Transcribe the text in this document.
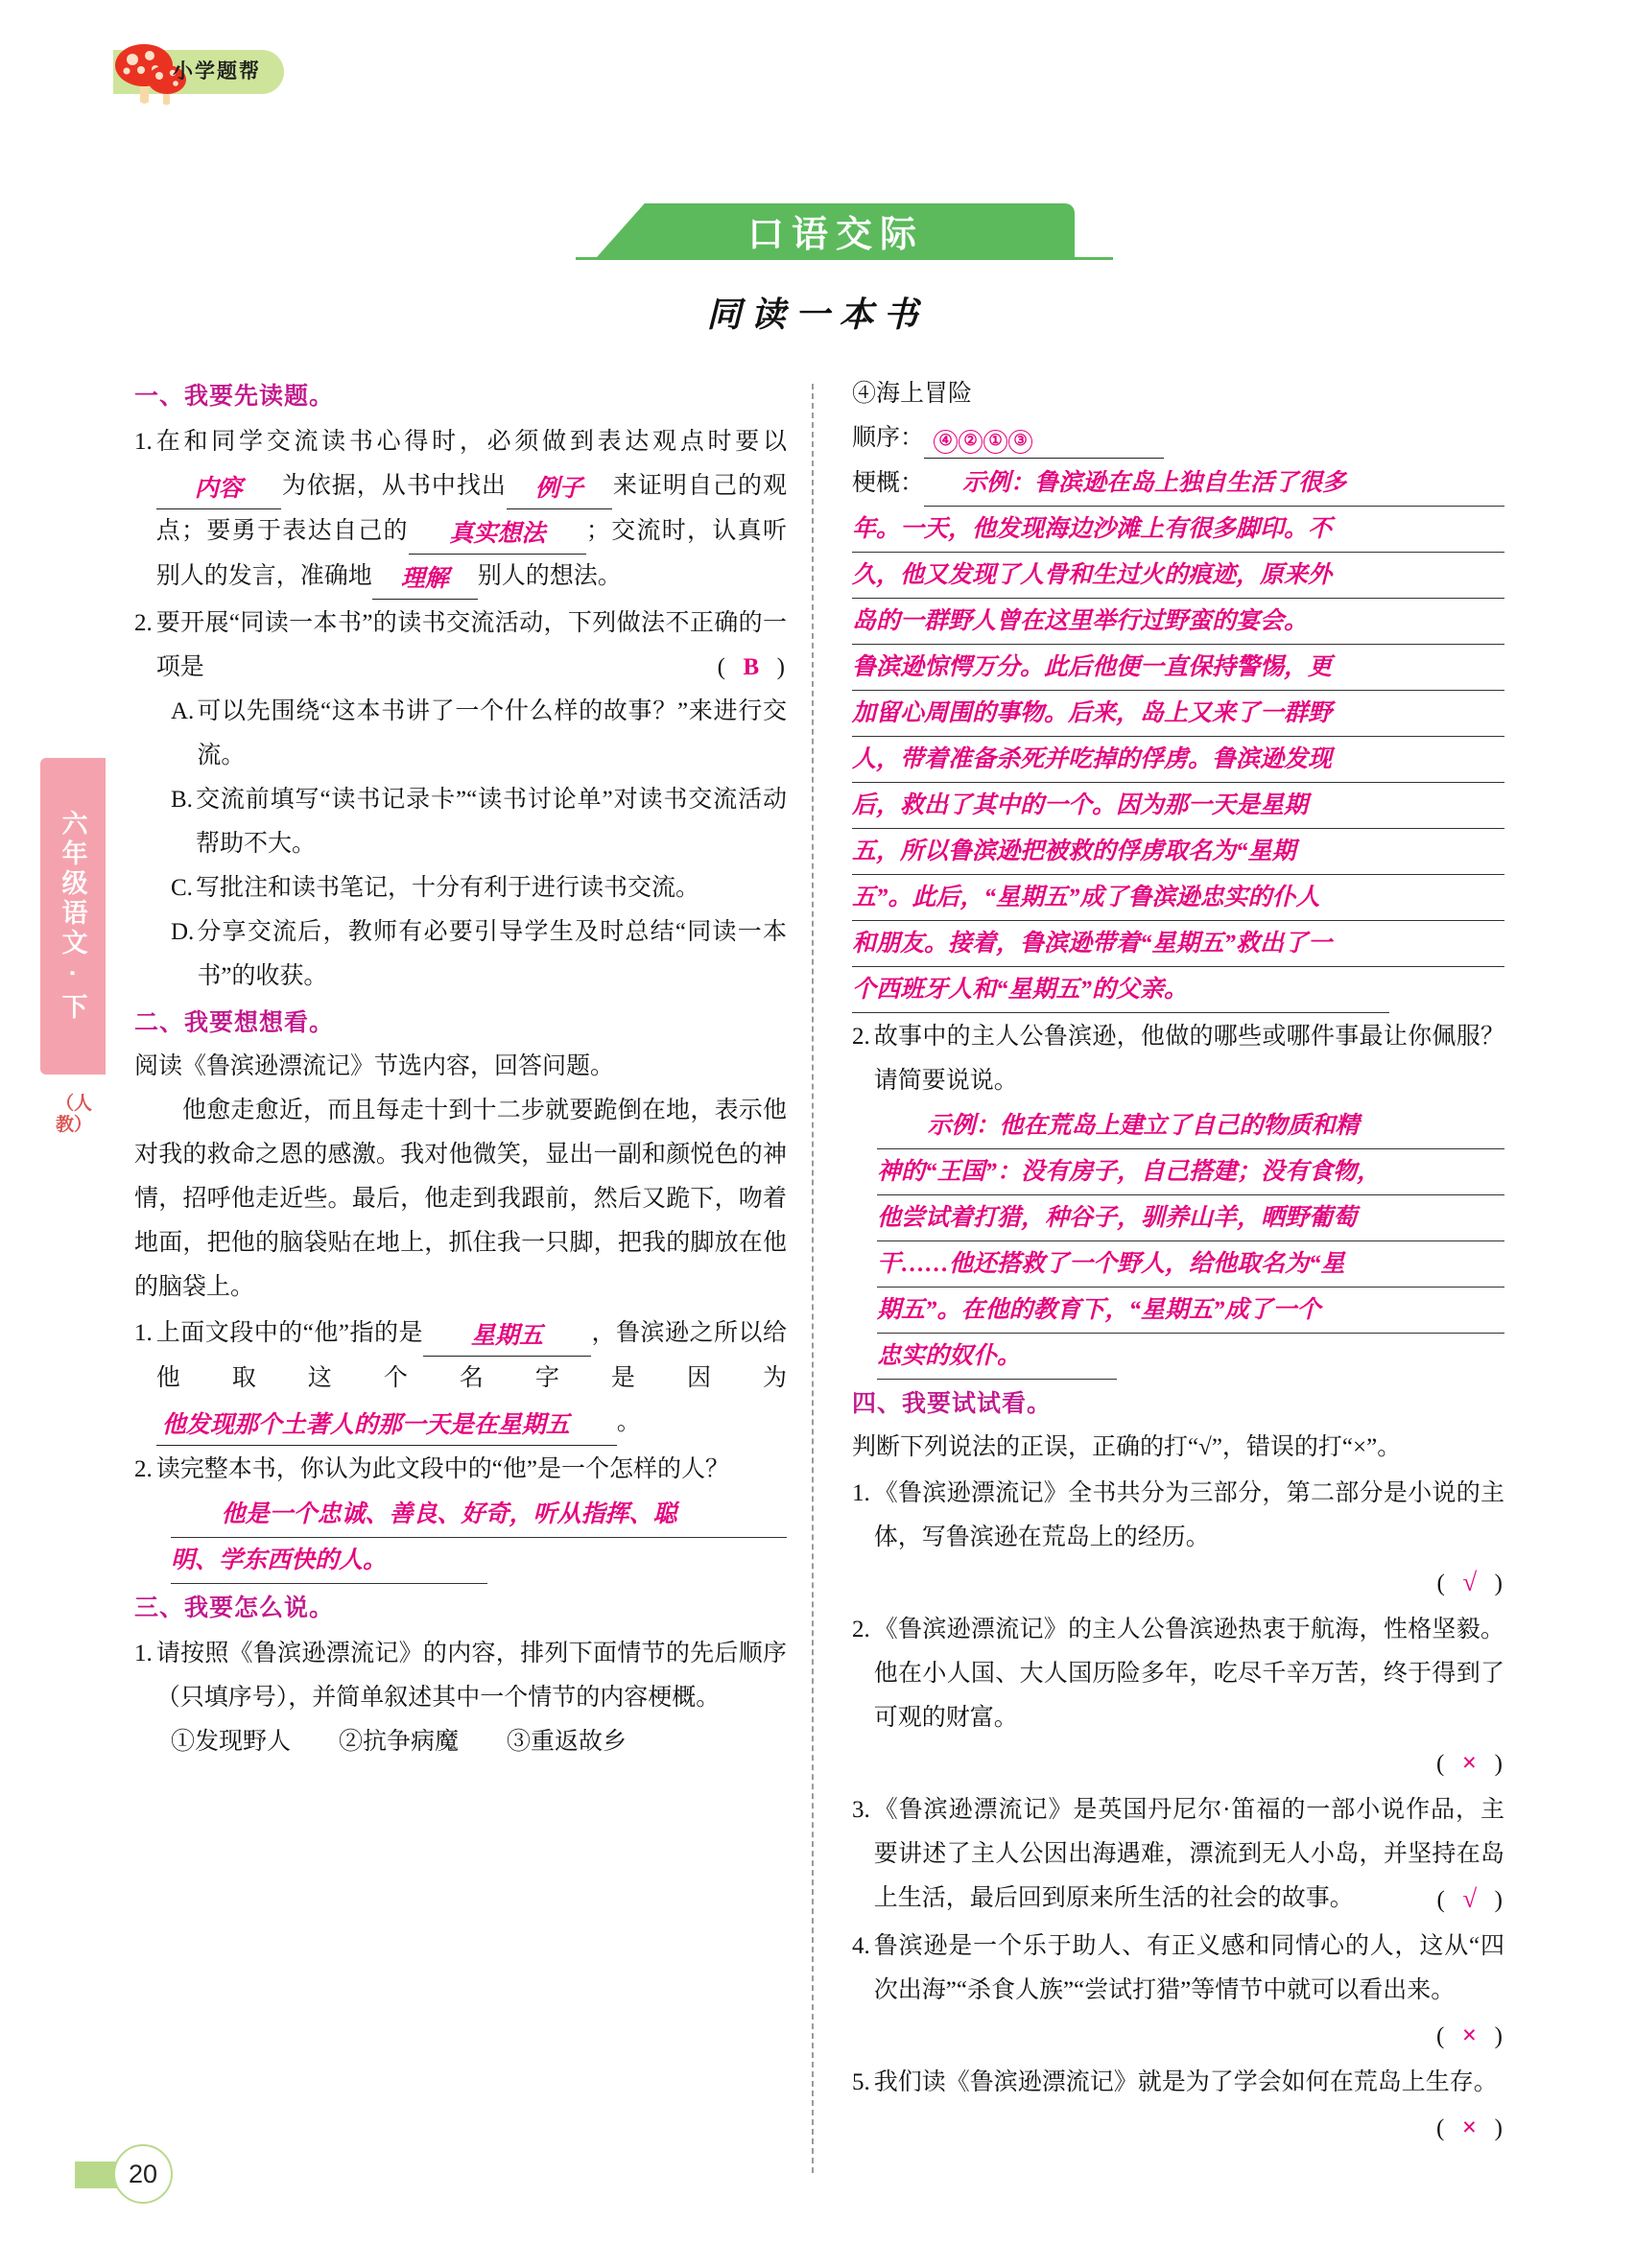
小学题帮
六年级语文 · 下
（人教）
口语交际
同读一本书
一、我要先读题。
1. 在和同学交流读书心得时，必须做到表达观点时要以内容 为依据，从书中找出 例子 来证明自己的观点；要勇于表达自己的 真实想法 ；交流时，认真听别人的发言，准确地 理解 别人的想法。
2. 要开展“同读一本书”的读书交流活动，下列做法不正确的一项是	(  B  )
A. 可以先围绕“这本书讲了一个什么样的故事？”来进行交流。
B. 交流前填写“读书记录卡”“读书讨论单”对读书交流活动帮助不大。
C. 写批注和读书笔记，十分有利于进行读书交流。
D. 分享交流后，教师有必要引导学生及时总结“同读一本书”的收获。
二、我要想想看。
阅读《鲁滨逊漂流记》节选内容，回答问题。
他愈走愈近，而且每走十到十二步就要跪倒在地，表示他对我的救命之恩的感激。我对他微笑，显出一副和颜悦色的神情，招呼他走近些。最后，他走到我跟前，然后又跪下，吻着地面，把他的脑袋贴在地上，抓住我一只脚，把我的脚放在他的脑袋上。
1. 上面文段中的“他”指的是 星期五 ，鲁滨逊之所以给他取这个名字是因为他发现那个土著人的那一天是在星期五 。
2. 读完整本书，你认为此文段中的“他”是一个怎样的人？
他是一个忠诚、善良、好奇，听从指挥、聪
明、学东西快的人。
三、我要怎么说。
1. 请按照《鲁滨逊漂流记》的内容，排列下面情节的先后顺序（只填序号），并简单叙述其中一个情节的内容梗概。
①发现野人　　②抗争病魔　　③重返故乡
④海上冒险
顺序： ④ ② ① ③
梗概：	示例：鲁滨逊在岛上独自生活了很多
年。一天，他发现海边沙滩上有很多脚印。不
久，他又发现了人骨和生过火的痕迹，原来外
岛的一群野人曾在这里举行过野蛮的宴会。
鲁滨逊惊愕万分。此后他便一直保持警惕，更
加留心周围的事物。后来，岛上又来了一群野
人，带着准备杀死并吃掉的俘虏。鲁滨逊发现
后，救出了其中的一个。因为那一天是星期
五，所以鲁滨逊把被救的俘虏取名为“星期
五”。此后，“星期五”成了鲁滨逊忠实的仆人
和朋友。接着，鲁滨逊带着“星期五”救出了一
个西班牙人和“星期五”的父亲。
2. 故事中的主人公鲁滨逊，他做的哪些或哪件事最让你佩服？请简要说说。
示例：他在荒岛上建立了自己的物质和精
神的“王国”：没有房子，自己搭建；没有食物，
他尝试着打猎，种谷子，驯养山羊，晒野葡萄
干……他还搭救了一个野人，给他取名为“星
期五”。在他的教育下，“星期五”成了一个
忠实的奴仆。
四、我要试试看。
判断下列说法的正误，正确的打“√”，错误的打“×”。
1. 《鲁滨逊漂流记》全书共分为三部分，第二部分是小说的主体，写鲁滨逊在荒岛上的经历。
(  √  )
2. 《鲁滨逊漂流记》的主人公鲁滨逊热衷于航海，性格坚毅。他在小人国、大人国历险多年，吃尽千辛万苦，终于得到了可观的财富。
(  ×  )
3. 《鲁滨逊漂流记》是英国丹尼尔·笛福的一部小说作品，主要讲述了主人公因出海遇难，漂流到无人小岛，并坚持在岛上生活，最后回到原来所生活的社会的故事。	(  √  )
4. 鲁滨逊是一个乐于助人、有正义感和同情心的人，这从“四次出海”“杀食人族”“尝试打猎”等情节中就可以看出来。
(  ×  )
5. 我们读《鲁滨逊漂流记》就是为了学会如何在荒岛上生存。
(  ×  )
20
